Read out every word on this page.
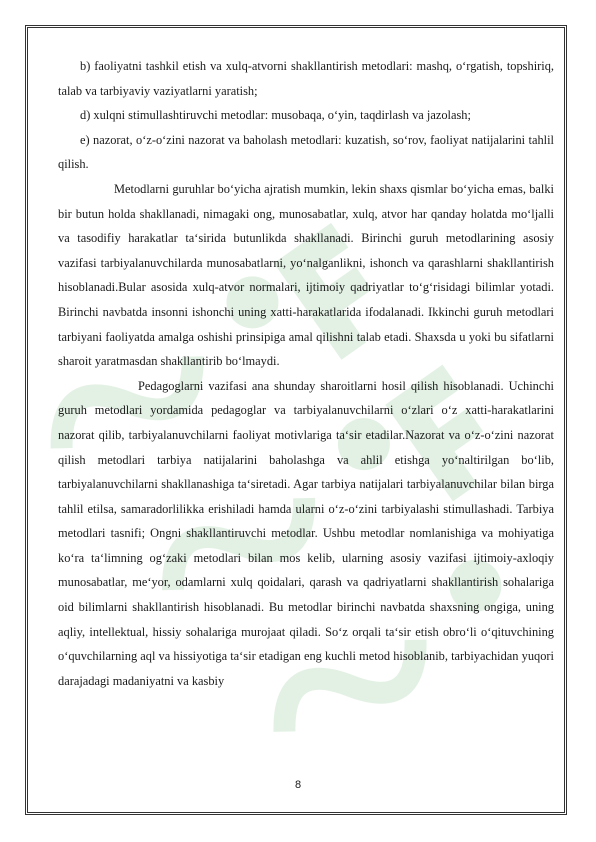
b) faoliyatni tashkil etish va xulq-atvorni shakllantirish metodlari: mashq, o‘rgatish, topshiriq, talab va tarbiyaviy vaziyatlarni yaratish;

d) xulqni stimullashtiruvchi metodlar: musobaqa, o‘yin, taqdirlash va jazolash;

e) nazorat, o‘z-o‘zini nazorat va baholash metodlari: kuzatish, so‘rov, faoliyat natijalarini tahlil qilish.

Metodlarni guruhlar bo‘yicha ajratish mumkin, lekin shaxs qismlar bo‘yicha emas, balki bir butun holda shakllanadi, nimagaki ong, munosabatlar, xulq, atvor har qanday holatda mo‘ljalli va tasodifiy harakatlar ta‘sirida butunlikda shakllanadi. Birinchi guruh metodlarining asosiy vazifasi tarbiyalanuvchilarda munosabatlarni, yo‘nalganlikni, ishonch va qarashlarni shakllantirish hisoblanadi.Bular asosida xulq-atvor normalari, ijtimoiy qadriyatlar to‘g‘risidagi bilimlar yotadi. Birinchi navbatda insonni ishonchi uning xatti-harakatlarida ifodalanadi. Ikkinchi guruh metodlari tarbiyani faoliyatda amalga oshishi prinsipiga amal qilishni talab etadi. Shaxsda u yoki bu sifatlarni sharoit yaratmasdan shakllantirib bo‘lmaydi.

Pedagoglarni vazifasi ana shunday sharoitlarni hosil qilish hisoblanadi. Uchinchi guruh metodlari yordamida pedagoglar va tarbiyalanuvchilarni o‘zlari o‘z xatti-harakatlarini nazorat qilib, tarbiyalanuvchilarni faoliyat motivlariga ta‘sir etadilar.Nazorat va o‘z-o‘zini nazorat qilish metodlari tarbiya natijalarini baholashga va ahlil etishga yo‘naltirilgan bo‘lib, tarbiyalanuvchilarni shakllanashiga ta‘siretadi. Agar tarbiya natijalari tarbiyalanuvchilar bilan birga tahlil etilsa, samaradorlilikka erishiladi hamda ularni o‘z-o‘zini tarbiyalashi stimullashadi. Tarbiya metodlari tasnifi; Ongni shakllantiruvchi metodlar. Ushbu metodlar nomlanishiga va mohiyatiga ko‘ra ta‘limning og‘zaki metodlari bilan mos kelib, ularning asosiy vazifasi ijtimoiy-axloqiy munosabatlar, me‘yor, odamlarni xulq qoidalari, qarash va qadriyatlarni shakllantirish sohalariga oid bilimlarni shakllantirish hisoblanadi. Bu metodlar birinchi navbatda shaxsning ongiga, uning aqliy, intellektual, hissiy sohalariga murojaat qiladi. So‘z orqali ta‘sir etish obro‘li o‘qituvchining o‘quvchilarning aql va hissiyotiga ta‘sir etadigan eng kuchli metod hisoblanib, tarbiyachidan yuqori darajadagi madaniyatni va kasbiy

8
